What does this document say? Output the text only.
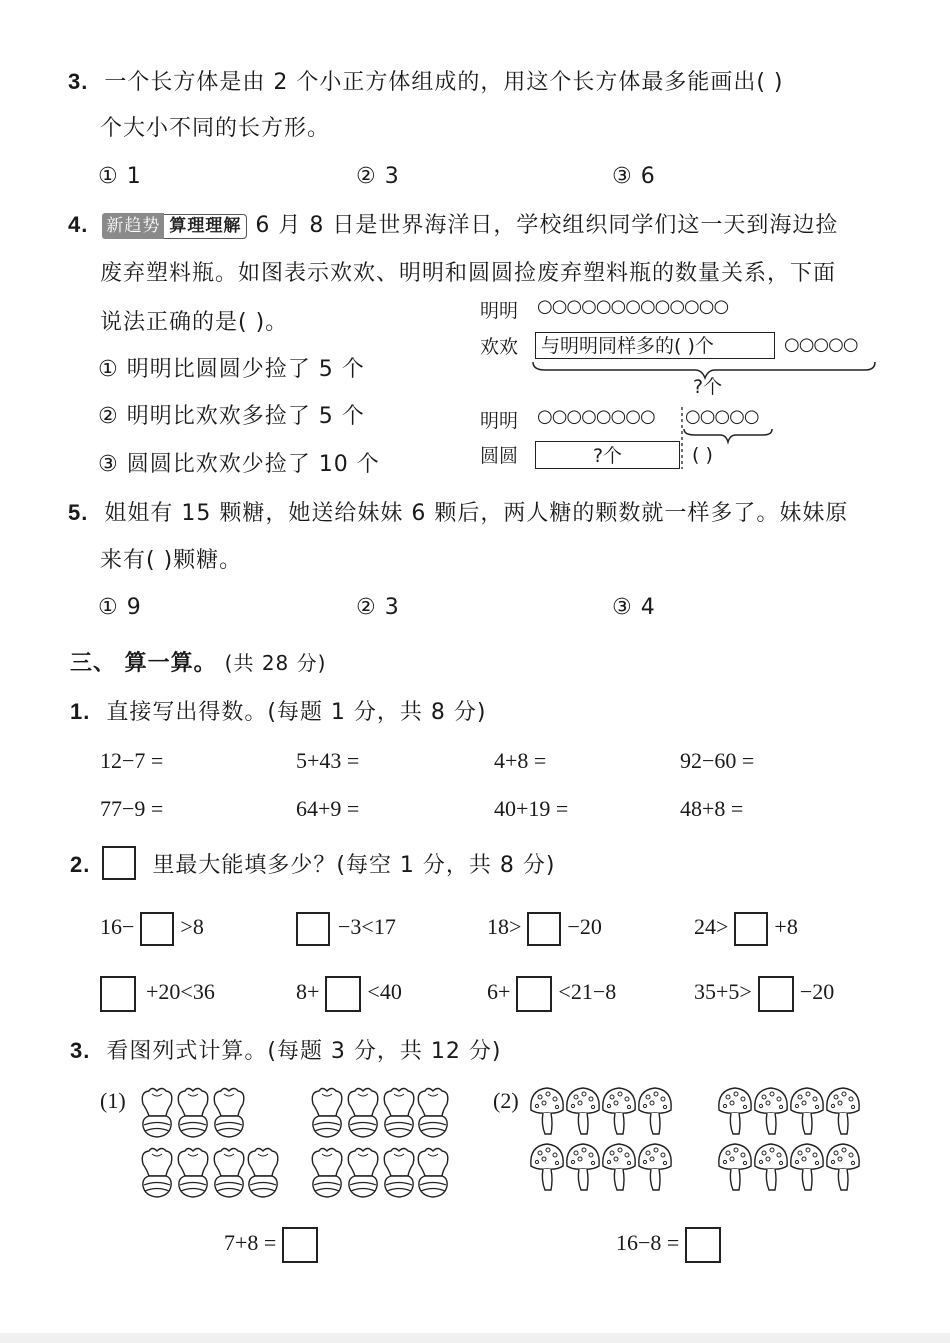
3. 一个长方体是由 2 个小正方体组成的，用这个长方体最多能画出( )
个大小不同的长方形。
① 1	② 3	③ 6
4. 新趋势 算理理解 6 月 8 日是世界海洋日，学校组织同学们这一天到海边捡
废弃塑料瓶。如图表示欢欢、明明和圆圆捡废弃塑料瓶的数量关系，下面
说法正确的是( )。
① 明明比圆圆少捡了 5 个
② 明明比欢欢多捡了 5 个
③ 圆圆比欢欢少捡了 10 个
明明 ○○○○○○○○○○○○○
欢欢	与明明同样多的( )个	○○○○○
?个
明明 ○○○○○○○○ ○○○○○
圆圆	?个	( )
5. 姐姐有 15 颗糖，她送给妹妹 6 颗后，两人糖的颗数就一样多了。妹妹原
来有( )颗糖。
① 9	② 3	③ 4
三、 算一算。 (共 28 分)
1. 直接写出得数。(每题 1 分，共 8 分)
12−7 =	5+43 =	4+8 =	92−60 =
77−9 =	64+9 =	40+19 =	48+8 =
2.	里最大能填多少？(每空 1 分，共 8 分)
16− >8	−3<17	18> −20	24> +8
+20<36	8+ <40	6+ <21−8	35+5> −20
3. 看图列式计算。(每题 3 分，共 12 分)
(1)	(2)
7+8 =	16−8 =
